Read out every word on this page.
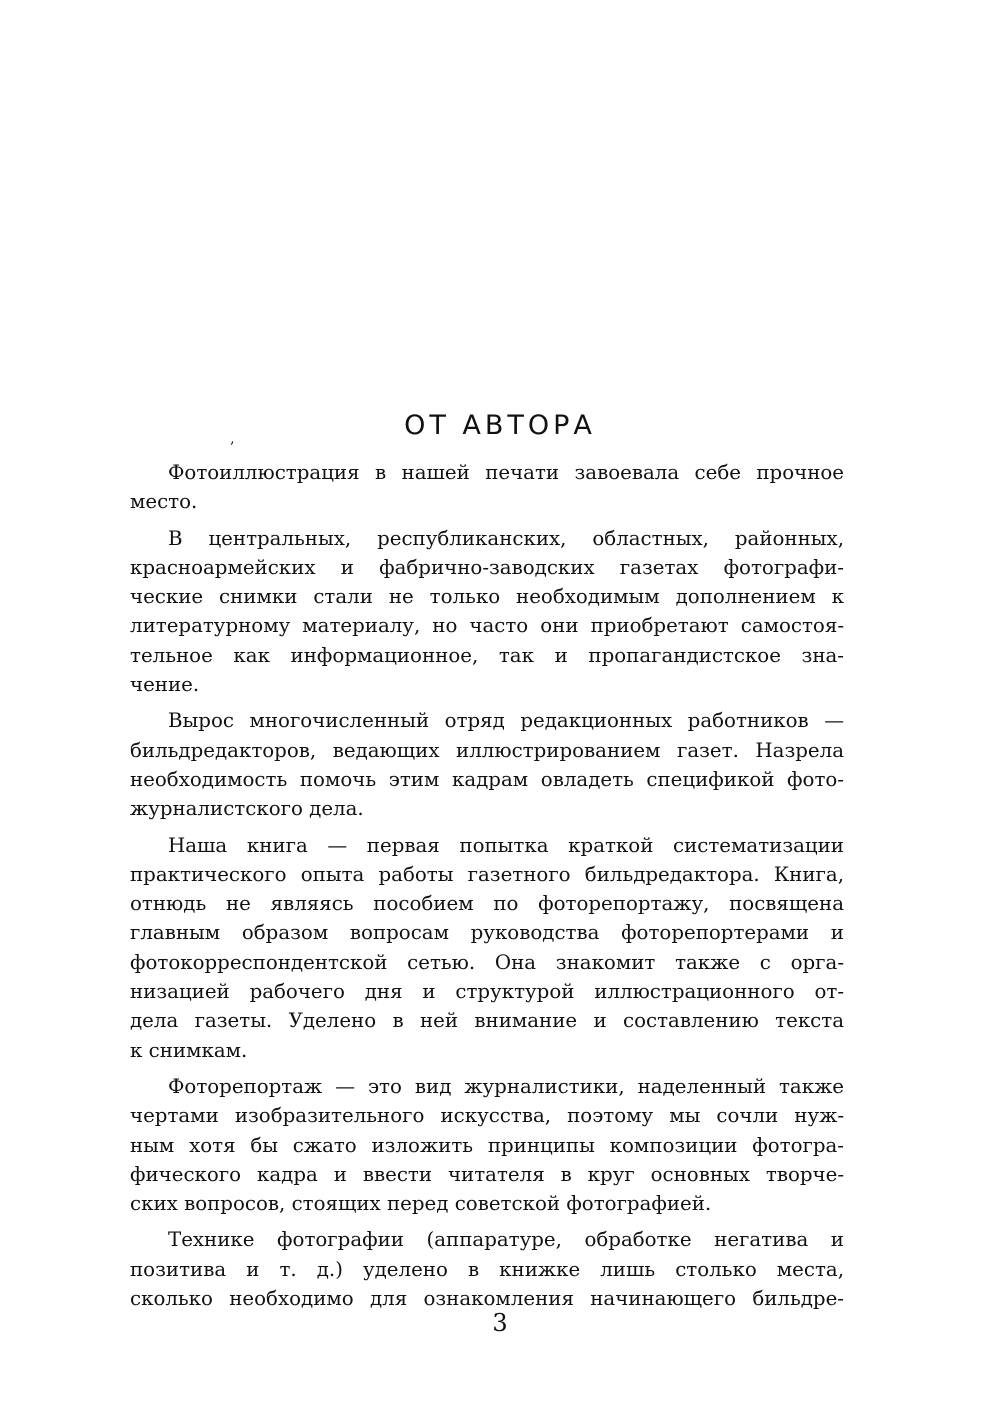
ОТ АВТОРА
‚

Фотоиллюстрация в нашей печати завоевала себе прочное
место.

В центральных, республиканских, областных, районных,
красноармейских и фабрично-заводских газетах фотографи-
ческие снимки стали не только необходимым дополнением к
литературному материалу, но часто они приобретают самостоя-
тельное как информационное, так и пропагандистское зна-
чение.

Вырос многочисленный отряд редакционных работников —
бильдредакторов, ведающих иллюстрированием газет. Назрела
необходимость помочь этим кадрам овладеть спецификой фото-
журналистского дела.

Наша книга — первая попытка краткой систематизации
практического опыта работы газетного бильдредактора. Книга,
отнюдь не являясь пособием по фоторепортажу, посвящена
главным образом вопросам руководства фоторепортерами и
фотокорреспондентской сетью. Она знакомит также с орга-
низацией рабочего дня и структурой иллюстрационного от-
дела газеты. Уделено в ней внимание и составлению текста
к снимкам.

Фоторепортаж — это вид журналистики, наделенный также
чертами изобразительного искусства, поэтому мы сочли нуж-
ным хотя бы сжато изложить принципы композиции фотогра-
фического кадра и ввести читателя в круг основных творче-
ских вопросов, стоящих перед советской фотографией.

Технике фотографии (аппаратуре, обработке негатива и
позитива и т. д.) уделено в книжке лишь столько места,
сколько необходимо для ознакомления начинающего бильдре-

3
